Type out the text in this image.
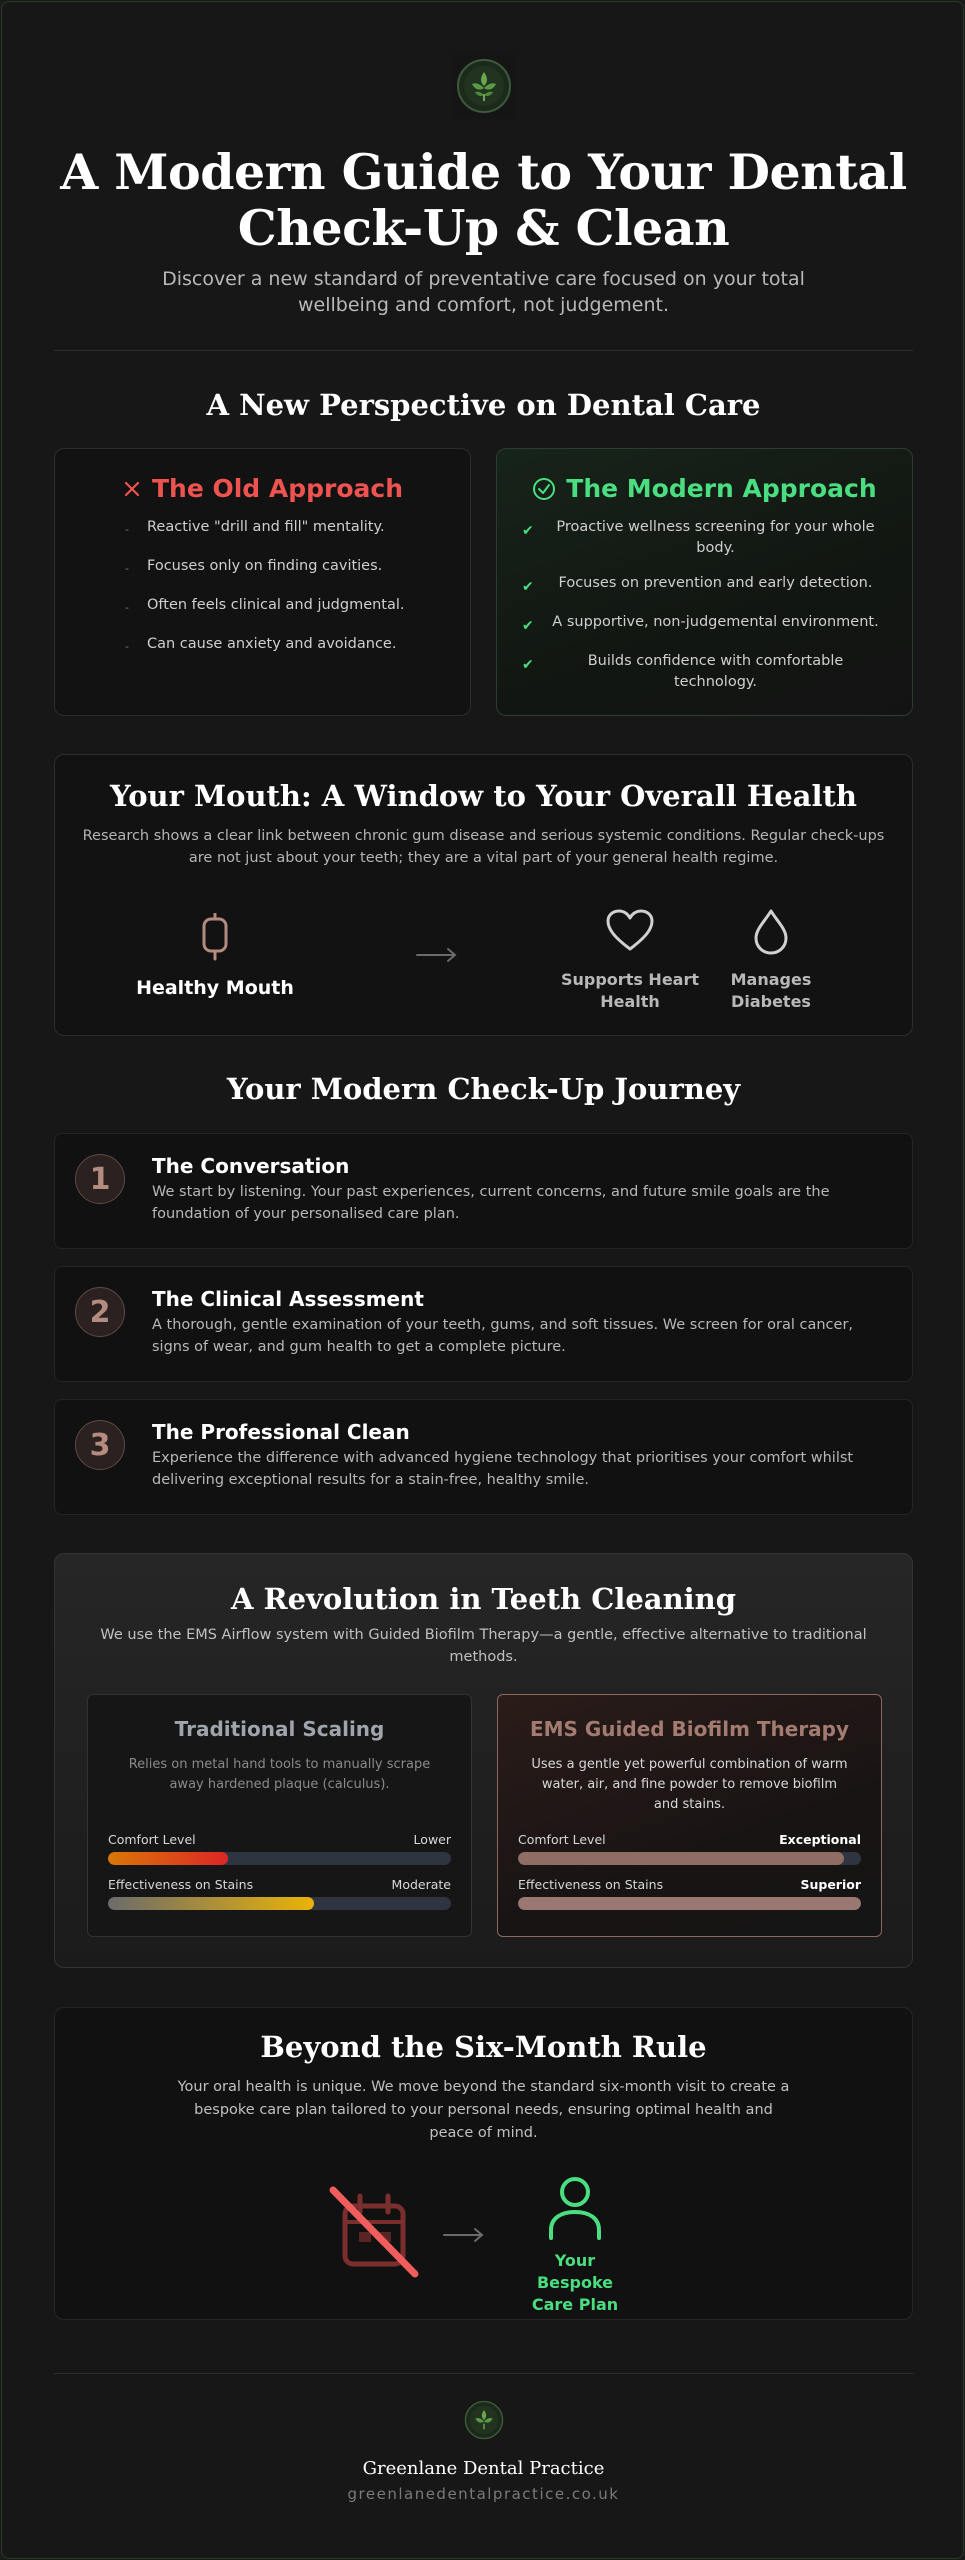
A Modern Guide to Your Dental Check-Up & Clean

Discover a new standard of preventative care focused on your total wellbeing and comfort, not judgement.

A New Perspective on Dental Care
The Old Approach
-	Reactive "drill and fill" mentality.
-	Focuses only on finding cavities.
-	Often feels clinical and judgmental.
-	Can cause anxiety and avoidance.
The Modern Approach
✔	Proactive wellness screening for your whole body.
✔	Focuses on prevention and early detection.
✔	A supportive, non-judgemental environment.
✔	Builds confidence with comfortable technology.
Your Mouth: A Window to Your Overall Health

Research shows a clear link between chronic gum disease and serious systemic conditions. Regular check-ups are not just about your teeth; they are a vital part of your general health regime.

Healthy Mouth	Supports Heart Health
Manages Diabetes
Your Modern Check-Up Journey
1	The Conversation
We start by listening. Your past experiences, current concerns, and future smile goals are the foundation of your personalised care plan.
2	The Clinical Assessment
A thorough, gentle examination of your teeth, gums, and soft tissues. We screen for oral cancer, signs of wear, and gum health to get a complete picture.
3	The Professional Clean
Experience the difference with advanced hygiene technology that prioritises your comfort whilst delivering exceptional results for a stain-free, healthy smile.
A Revolution in Teeth Cleaning

We use the EMS Airflow system with Guided Biofilm Therapy—a gentle, effective alternative to traditional methods.

Traditional Scaling
Relies on metal hand tools to manually scrape away hardened plaque (calculus).
Comfort Level	Lower
Effectiveness on Stains	Moderate
EMS Guided Biofilm Therapy
Uses a gentle yet powerful combination of warm water, air, and fine powder to remove biofilm and stains.
Comfort Level	Exceptional
Effectiveness on Stains	Superior
Beyond the Six-Month Rule

Your oral health is unique. We move beyond the standard six-month visit to create a bespoke care plan tailored to your personal needs, ensuring optimal health and peace of mind.

Your Bespoke Care Plan
Greenlane Dental Practice
greenlanedentalpractice.co.uk
